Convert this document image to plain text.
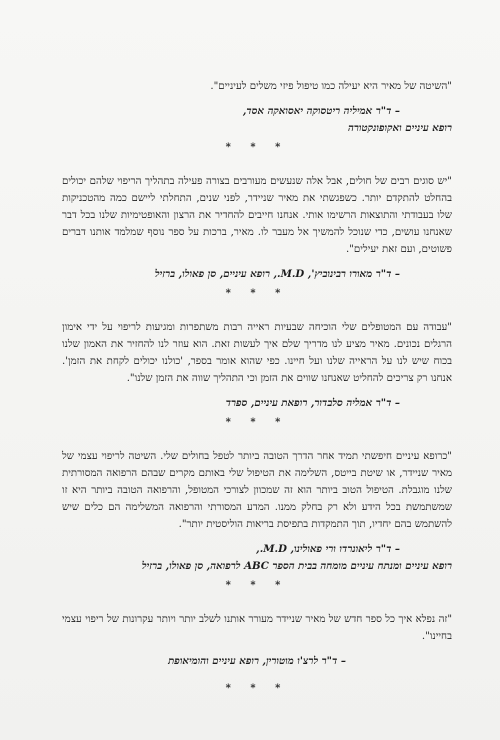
"השיטה של מאיר היא יעילה כמו טיפול פיזי משלים לעיניים".

– ד"ר אמיליה ריטסוקה יאסואקה אסד,

רופא עיניים ואקופונקטורה

* * *

"יש סוגים רבים של חולים, אבל אלה שנעשים מעורבים בצורה פעילה בתהליך הריפוי שלהם יכולים בהחלט להתקדם יותר. כשפגשתי את מאיר שניידר, לפני שנים, התחלתי ליישם כמה מהטכניקות שלו בעבודתי והתוצאות הרשימו אותי. אנחנו חייבים להחדיר את הרצון והאופטימיות שלנו בכל דבר שאנחנו עושים, כדי שנוכל להמשיך אל מעבר לו. מאיר, ברכות על ספר נוסף שמלמד אותנו דברים פשוטים, ועם זאת יעילים".

– ד"ר מאורו רבינוביץ', M.D., רופא עיניים, סן פאולו, ברזיל

* * *

"עבודה עם המטופלים שלי הוכיחה שבעיות ראייה רבות משתפרות ומגיעות לריפוי על ידי אימון הרגלים נכונים. מאיר מציע לנו מדריך שלם איך לעשות זאת. הוא עוזר לנו להחזיר את האמון שלנו בכוח שיש לנו על הראייה שלנו ועל חיינו. כפי שהוא אומר בספר, 'כולנו יכולים לקחת את הזמן'. אנחנו רק צריכים להחליט שאנחנו שווים את הזמן וכי התהליך שווה את הזמן שלנו".

– ד"ר אמליה סלבדור, רופאת עיניים, ספרד

* * *

"כרופא עיניים חיפשתי תמיד אחר הדרך הטובה ביותר לטפל בחולים שלי. השיטה לריפוי עצמי של מאיר שניידר, או שיטת בייטס, השלימה את הטיפול שלי באותם מקרים שבהם הרפואה המסורתית שלנו מוגבלת. הטיפול הטוב ביותר הוא זה שמכוון לצורכי המטופל, והרפואה הטובה ביותר היא זו שמשתמשת בכל הידע ולא רק בחלק ממנו. המדע המסורתי והרפואה המשלימה הם כלים שיש להשתמש בהם יחדיו, תוך התמקדות בתפיסת בריאות הוליסטית יותר".

– ד"ר ליאונרדו ורי פאולינו, M.D.,

רופא עיניים ומנתח עיניים מומחה בבית הספר ABC לרפואה, סן פאולו, ברזיל

* * *

"זה נפלא איך כל ספר חדש של מאיר שניידר מעורר אותנו לשלב יותר ויותר עקרונות של ריפוי עצמי בחיינו".

– ד"ר לרצ'ו מוטורין, רופא עיניים והומיאופת

* * *
